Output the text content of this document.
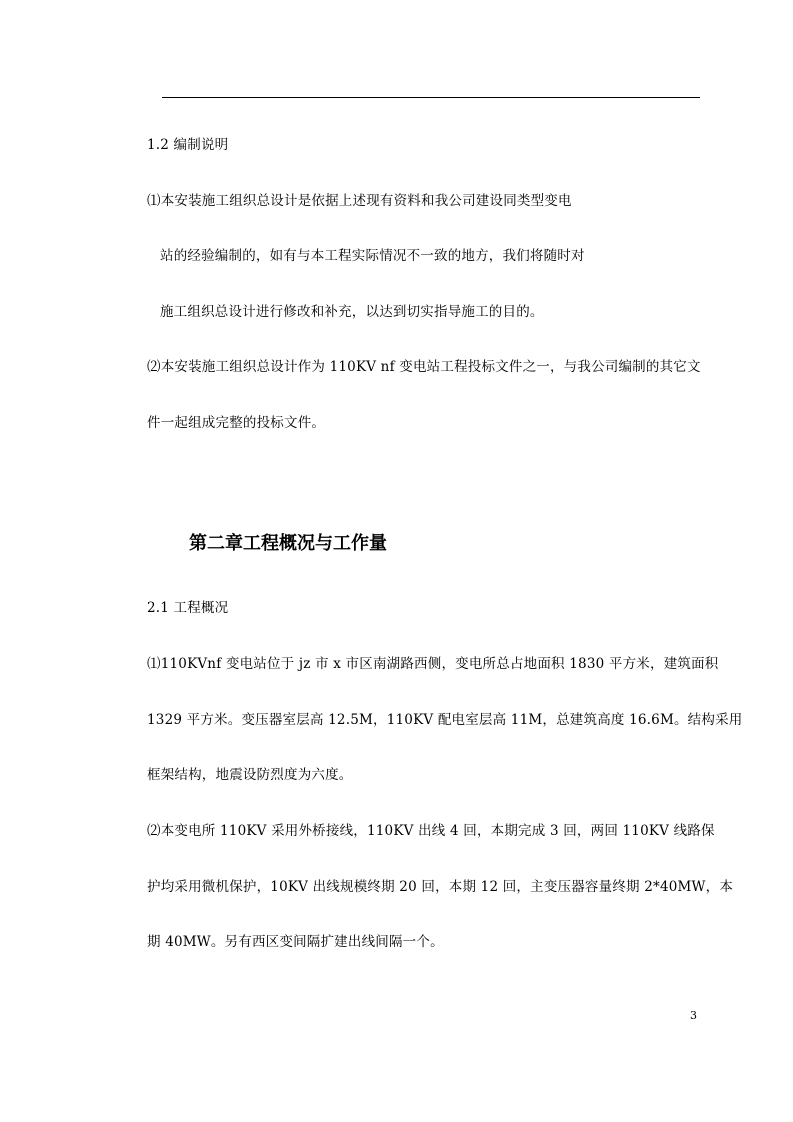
1.2 编制说明
⑴本安装施工组织总设计是依据上述现有资料和我公司建设同类型变电
站的经验编制的，如有与本工程实际情况不一致的地方，我们将随时对
施工组织总设计进行修改和补充，以达到切实指导施工的目的。
⑵本安装施工组织总设计作为 110KV nf 变电站工程投标文件之一，与我公司编制的其它文
件一起组成完整的投标文件。
第二章工程概况与工作量
2.1 工程概况
⑴110KVnf 变电站位于 jz 市 x 市区南湖路西侧，变电所总占地面积 1830 平方米，建筑面积
1329 平方米。变压器室层高 12.5M，110KV 配电室层高 11M，总建筑高度 16.6M。结构采用
框架结构，地震设防烈度为六度。
⑵本变电所 110KV 采用外桥接线，110KV 出线 4 回，本期完成 3 回，两回 110KV 线路保
护均采用微机保护，10KV 出线规模终期 20 回，本期 12 回，主变压器容量终期 2*40MW，本
期 40MW。另有西区变间隔扩建出线间隔一个。
3
